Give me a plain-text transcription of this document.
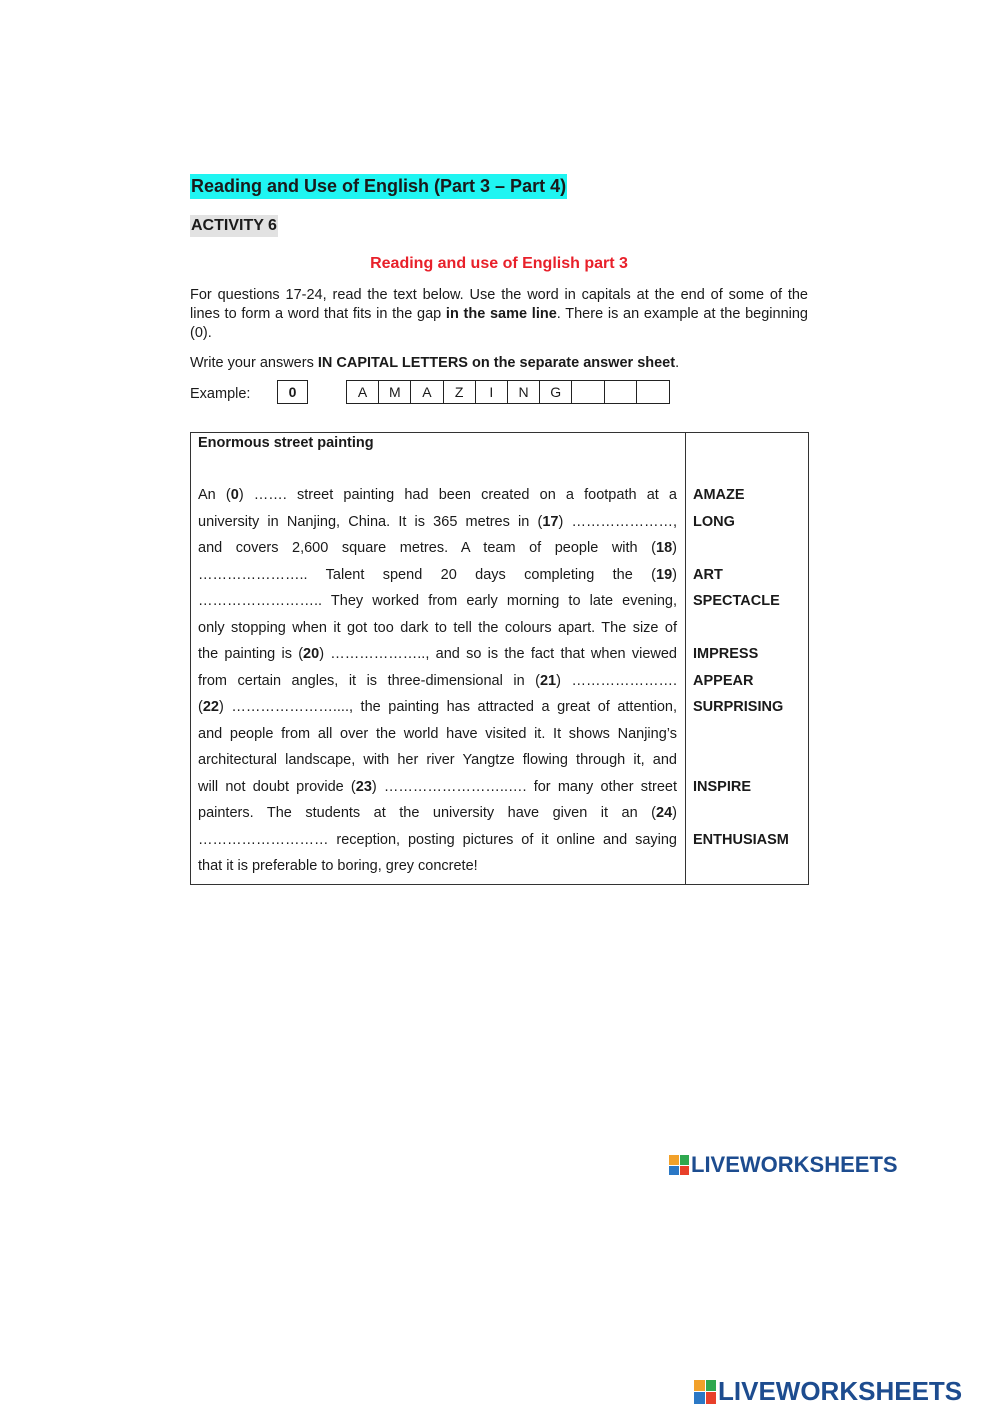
Reading and Use of English (Part 3 – Part 4)
ACTIVITY 6
Reading and use of English part 3
For questions 17-24, read the text below. Use the word in capitals at the end of some of the lines to form a word that fits in the gap in the same line. There is an example at the beginning (0).
Write your answers IN CAPITAL LETTERS on the separate answer sheet.
Example:	0	A	M	A	Z	I	N	G
Enormous street painting
An (0) ……. street painting had been created on a footpath at a
university in Nanjing, China. It is 365 metres in (17) …………………,
and covers 2,600 square metres. A team of people with (18)
………………….. Talent spend 20 days completing the (19)
…………………….. They worked from early morning to late evening,
only stopping when it got too dark to tell the colours apart. The size of
the painting is (20) ……………….., and so is the fact that when viewed
from certain angles, it is three-dimensional in (21) ………………….
(22) …………………...., the painting has attracted a great of attention,
and people from all over the world have visited it. It shows Nanjing’s
architectural landscape, with her river Yangtze flowing through it, and
will not doubt provide (23) ……………………..…. for many other street
painters. The students at the university have given it an (24)
……………………… reception, posting pictures of it online and saying
that it is preferable to boring, grey concrete!
AMAZE
LONG
ART
SPECTACLE
IMPRESS
APPEAR
SURPRISING
INSPIRE
ENTHUSIASM
LIVEWORKSHEETS
LIVEWORKSHEETS
